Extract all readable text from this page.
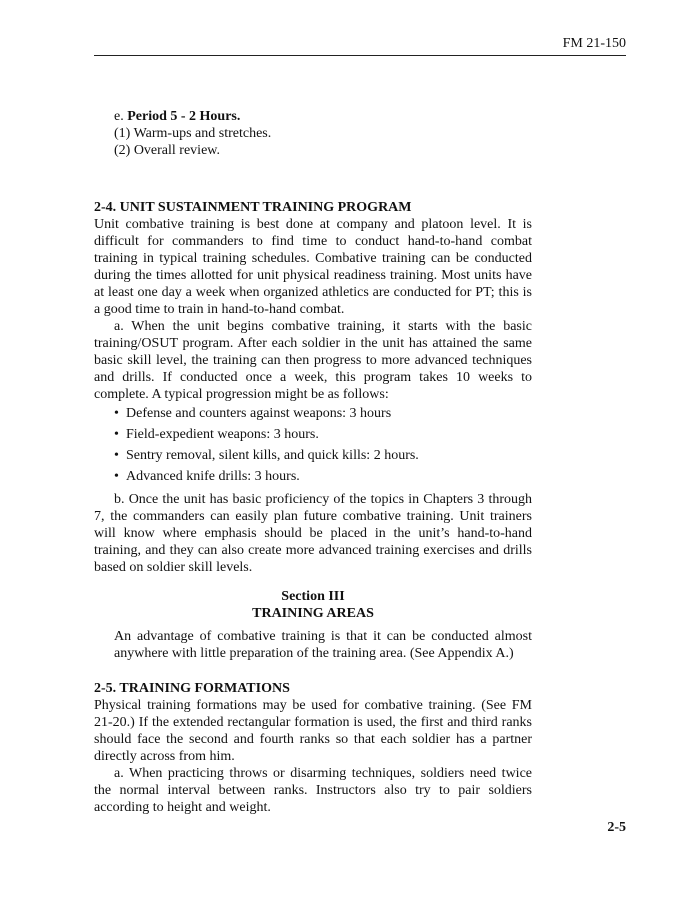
FM 21-150

e. Period 5 - 2 Hours.

(1) Warm-ups and stretches.

(2) Overall review.

2-4. UNIT SUSTAINMENT TRAINING PROGRAM

Unit combative training is best done at company and platoon level. It is difficult for commanders to find time to conduct hand-to-hand combat training in typical training schedules. Combative training can be conducted during the times allotted for unit physical readiness training. Most units have at least one day a week when organized athletics are conducted for PT; this is a good time to train in hand-to-hand combat.

a. When the unit begins combative training, it starts with the basic training/OSUT program. After each soldier in the unit has attained the same basic skill level, the training can then progress to more advanced techniques and drills. If conducted once a week, this program takes 10 weeks to complete. A typical progression might be as follows:

• Defense and counters against weapons: 3 hours
• Field-expedient weapons: 3 hours.
• Sentry removal, silent kills, and quick kills: 2 hours.
• Advanced knife drills: 3 hours.

b. Once the unit has basic proficiency of the topics in Chapters 3 through 7, the commanders can easily plan future combative training. Unit trainers will know where emphasis should be placed in the unit’s hand-to-hand training, and they can also create more advanced training exercises and drills based on soldier skill levels.

Section III

TRAINING AREAS

An advantage of combative training is that it can be conducted almost anywhere with little preparation of the training area. (See Appendix A.)

2-5. TRAINING FORMATIONS

Physical training formations may be used for combative training. (See FM 21-20.) If the extended rectangular formation is used, the first and third ranks should face the second and fourth ranks so that each soldier has a partner directly across from him.

a. When practicing throws or disarming techniques, soldiers need twice the normal interval between ranks. Instructors also try to pair soldiers according to height and weight.

2-5
